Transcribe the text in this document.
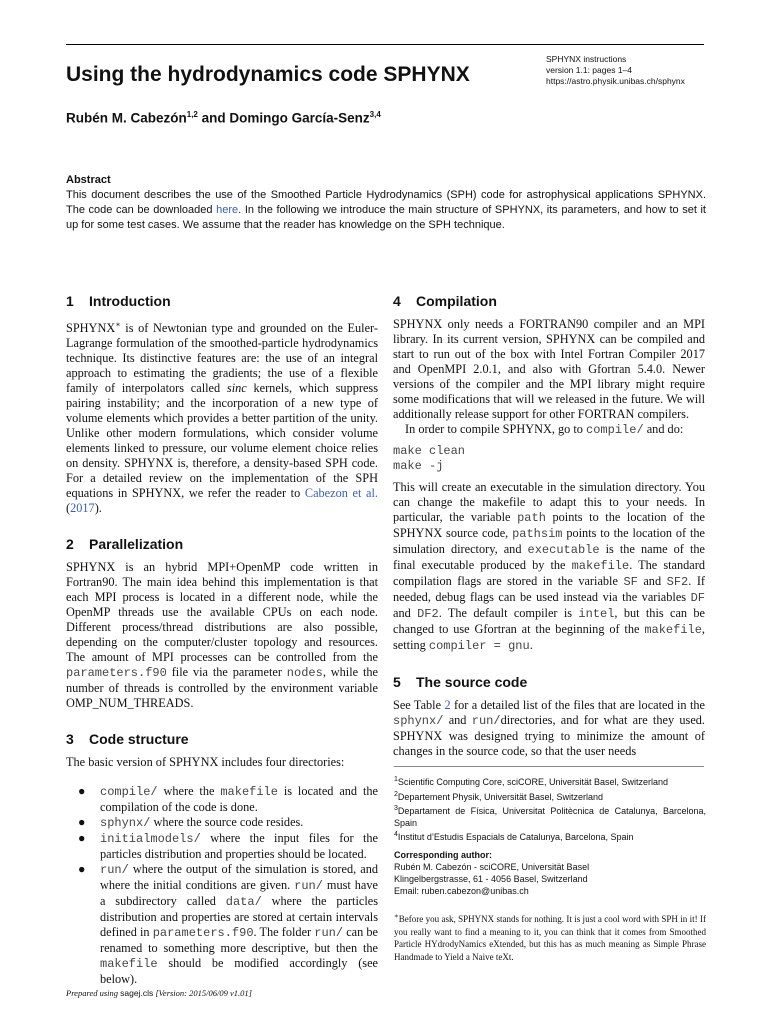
Using the hydrodynamics code SPHYNX
SPHYNX instructions
version 1.1: pages 1–4
https://astro.physik.unibas.ch/sphynx
Rubén M. Cabezón$^{1,2}$ and Domingo García-Senz$^{3,4}$
Abstract
This document describes the use of the Smoothed Particle Hydrodynamics (SPH) code for astrophysical applications SPHYNX. The code can be downloaded here. In the following we introduce the main structure of SPHYNX, its parameters, and how to set it up for some test cases. We assume that the reader has knowledge on the SPH technique.

1 Introduction

SPHYNX∗ is of Newtonian type and grounded on the Euler-Lagrange formulation of the smoothed-particle hydrodynamics technique. Its distinctive features are: the use of an integral approach to estimating the gradients; the use of a flexible family of interpolators called sinc kernels, which suppress pairing instability; and the incorporation of a new type of volume elements which provides a better partition of the unity. Unlike other modern formulations, which consider volume elements linked to pressure, our volume element choice relies on density. SPHYNX is, therefore, a density-based SPH code. For a detailed review on the implementation of the SPH equations in SPHYNX, we refer the reader to Cabezon et al. (2017).

2 Parallelization

SPHYNX is an hybrid MPI+OpenMP code written in Fortran90. The main idea behind this implementation is that each MPI process is located in a different node, while the OpenMP threads use the available CPUs on each node. Different process/thread distributions are also possible, depending on the computer/cluster topology and resources. The amount of MPI processes can be controlled from the parameters.f90 file via the parameter nodes, while the number of threads is controlled by the environment variable OMP_NUM_THREADS.

3 Code structure

The basic version of SPHYNX includes four directories:

● compile/ where the makefile is located and the compilation of the code is done.
● sphynx/ where the source code resides.
● initialmodels/ where the input files for the particles distribution and properties should be located.
● run/ where the output of the simulation is stored, and where the initial conditions are given. run/ must have a subdirectory called data/ where the particles distribution and properties are stored at certain intervals defined in parameters.f90. The folder run/ can be renamed to something more descriptive, but then the makefile should be modified accordingly (see below).

4 Compilation

SPHYNX only needs a FORTRAN90 compiler and an MPI library. In its current version, SPHYNX can be compiled and start to run out of the box with Intel Fortran Compiler 2017 and OpenMPI 2.0.1, and also with Gfortran 5.4.0. Newer versions of the compiler and the MPI library might require some modifications that will we released in the future. We will additionally release support for other FORTRAN compilers.

In order to compile SPHYNX, go to compile/ and do:

make clean

make -j

This will create an executable in the simulation directory. You can change the makefile to adapt this to your needs. In particular, the variable path points to the location of the SPHYNX source code, pathsim points to the location of the simulation directory, and executable is the name of the final executable produced by the makefile. The standard compilation flags are stored in the variable SF and SF2. If needed, debug flags can be used instead via the variables DF and DF2. The default compiler is intel, but this can be changed to use Gfortran at the beginning of the makefile, setting compiler = gnu.

5 The source code

See Table 2 for a detailed list of the files that are located in the sphynx/ and run/directories, and for what are they used. SPHYNX was designed trying to minimize the amount of changes in the source code, so that the user needs

$^1$Scientific Computing Core, sciCORE, Universität Basel, Switzerland
$^2$Departement Physik, Universität Basel, Switzerland
$^3$Departament de Física, Universitat Politècnica de Catalunya, Barcelona, Spain
$^4$Institut d’Estudis Espacials de Catalunya, Barcelona, Spain
Corresponding author:
Rubén M. Cabezón - sciCORE, Universität Basel
Klingelbergstrasse, 61 - 4056 Basel, Switzerland
Email: ruben.cabezon@unibas.ch
∗Before you ask, SPHYNX stands for nothing. It is just a cool word with SPH in it! If you really want to find a meaning to it, you can think that it comes from Smoothed Particle HYdrodyNamics eXtended, but this has as much meaning as Simple Phrase Handmade to Yield a Naive teXt.
Prepared using sagej.cls [Version: 2015/06/09 v1.01]
